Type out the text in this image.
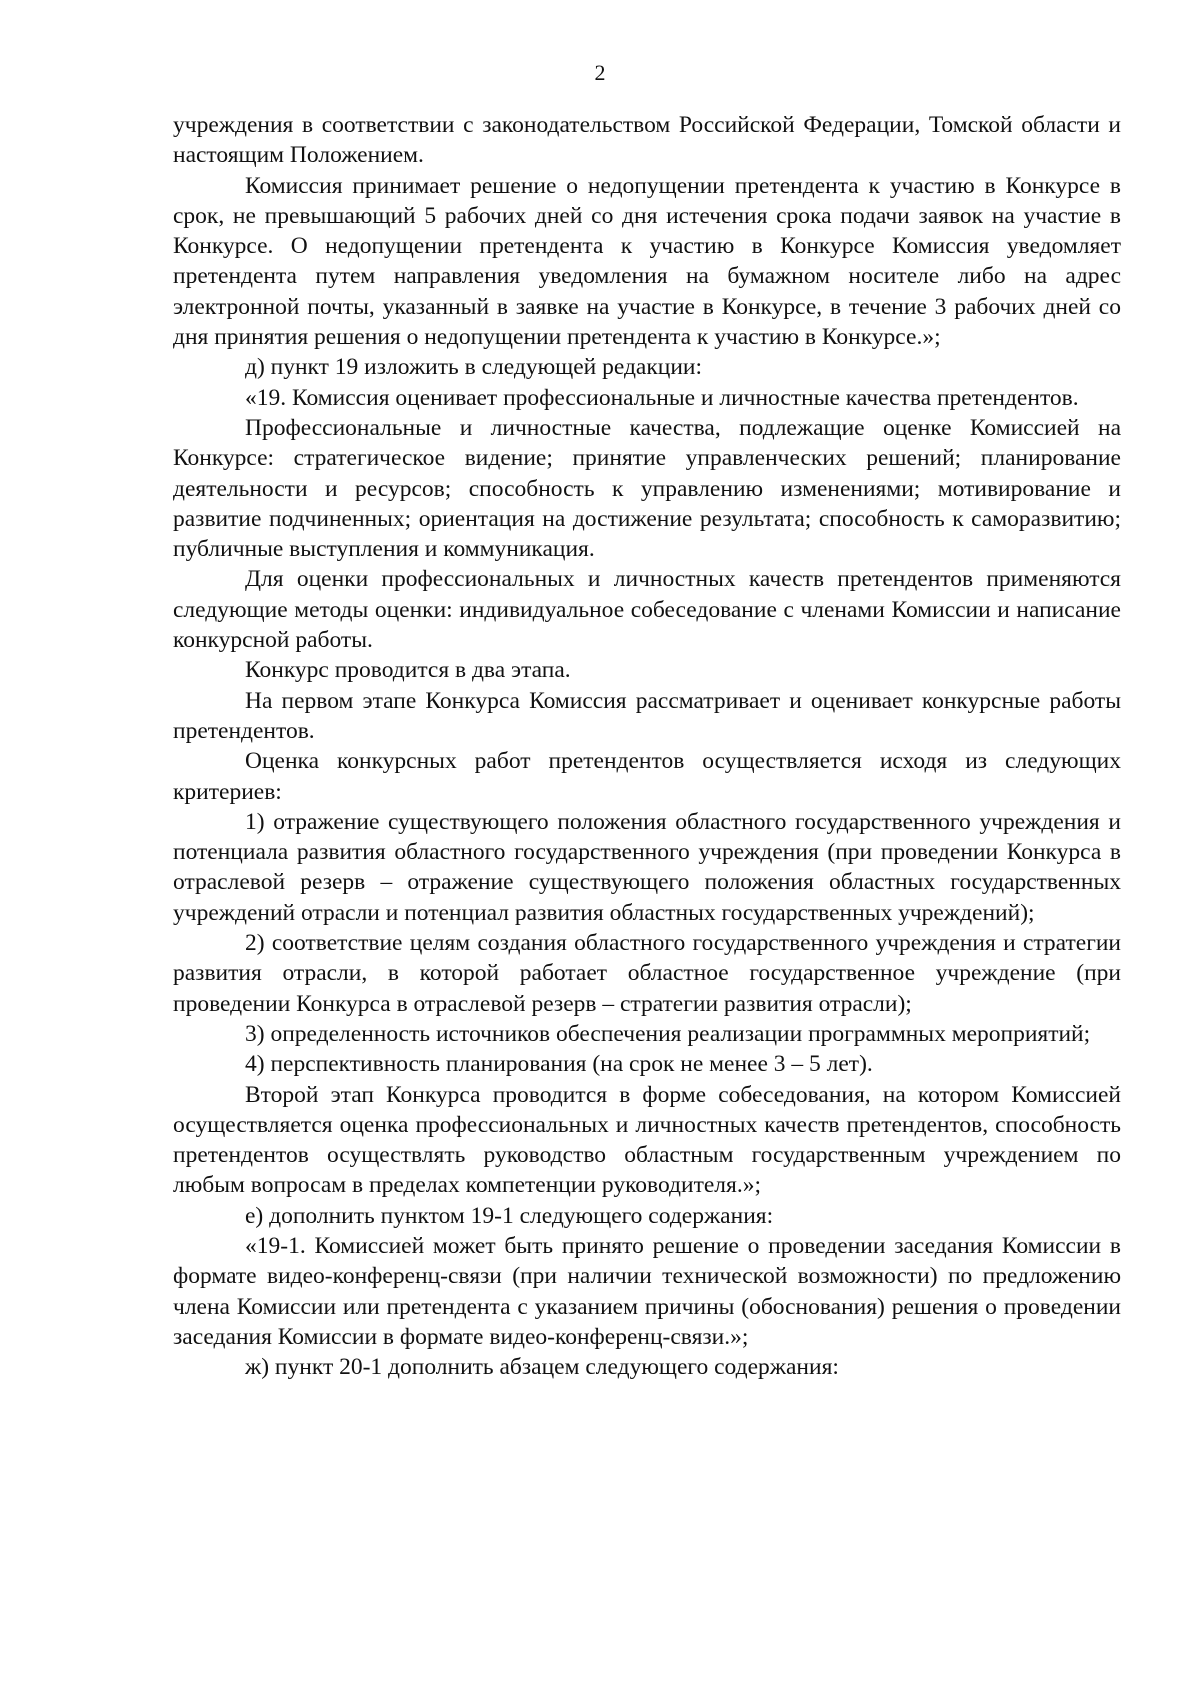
2

учреждения в соответствии с законодательством Российской Федерации, Томской области и настоящим Положением.

Комиссия принимает решение о недопущении претендента к участию в Конкурсе в срок, не превышающий 5 рабочих дней со дня истечения срока подачи заявок на участие в Конкурсе. О недопущении претендента к участию в Конкурсе Комиссия уведомляет претендента путем направления уведомления на бумажном носителе либо на адрес электронной почты, указанный в заявке на участие в Конкурсе, в течение 3 рабочих дней со дня принятия решения о недопущении претендента к участию в Конкурсе.»;

д) пункт 19 изложить в следующей редакции:

«19. Комиссия оценивает профессиональные и личностные качества претендентов.

Профессиональные и личностные качества, подлежащие оценке Комиссией на Конкурсе: стратегическое видение; принятие управленческих решений; планирование деятельности и ресурсов; способность к управлению изменениями; мотивирование и развитие подчиненных; ориентация на достижение результата; способность к саморазвитию; публичные выступления и коммуникация.

Для оценки профессиональных и личностных качеств претендентов применяются следующие методы оценки: индивидуальное собеседование с членами Комиссии и написание конкурсной работы.

Конкурс проводится в два этапа.

На первом этапе Конкурса Комиссия рассматривает и оценивает конкурсные работы претендентов.

Оценка конкурсных работ претендентов осуществляется исходя из следующих критериев:

1) отражение существующего положения областного государственного учреждения и потенциала развития областного государственного учреждения (при проведении Конкурса в отраслевой резерв – отражение существующего положения областных государственных учреждений отрасли и потенциал развития областных государственных учреждений);

2) соответствие целям создания областного государственного учреждения и стратегии развития отрасли, в которой работает областное государственное учреждение (при проведении Конкурса в отраслевой резерв – стратегии развития отрасли);

3) определенность источников обеспечения реализации программных мероприятий;

4) перспективность планирования (на срок не менее 3 – 5 лет).

Второй этап Конкурса проводится в форме собеседования, на котором Комиссией осуществляется оценка профессиональных и личностных качеств претендентов, способность претендентов осуществлять руководство областным государственным учреждением по любым вопросам в пределах компетенции руководителя.»;

е) дополнить пунктом 19-1 следующего содержания:

«19-1. Комиссией может быть принято решение о проведении заседания Комиссии в формате видео-конференц-связи (при наличии технической возможности) по предложению члена Комиссии или претендента с указанием причины (обоснования) решения о проведении заседания Комиссии в формате видео-конференц-связи.»;

ж) пункт 20-1 дополнить абзацем следующего содержания:
